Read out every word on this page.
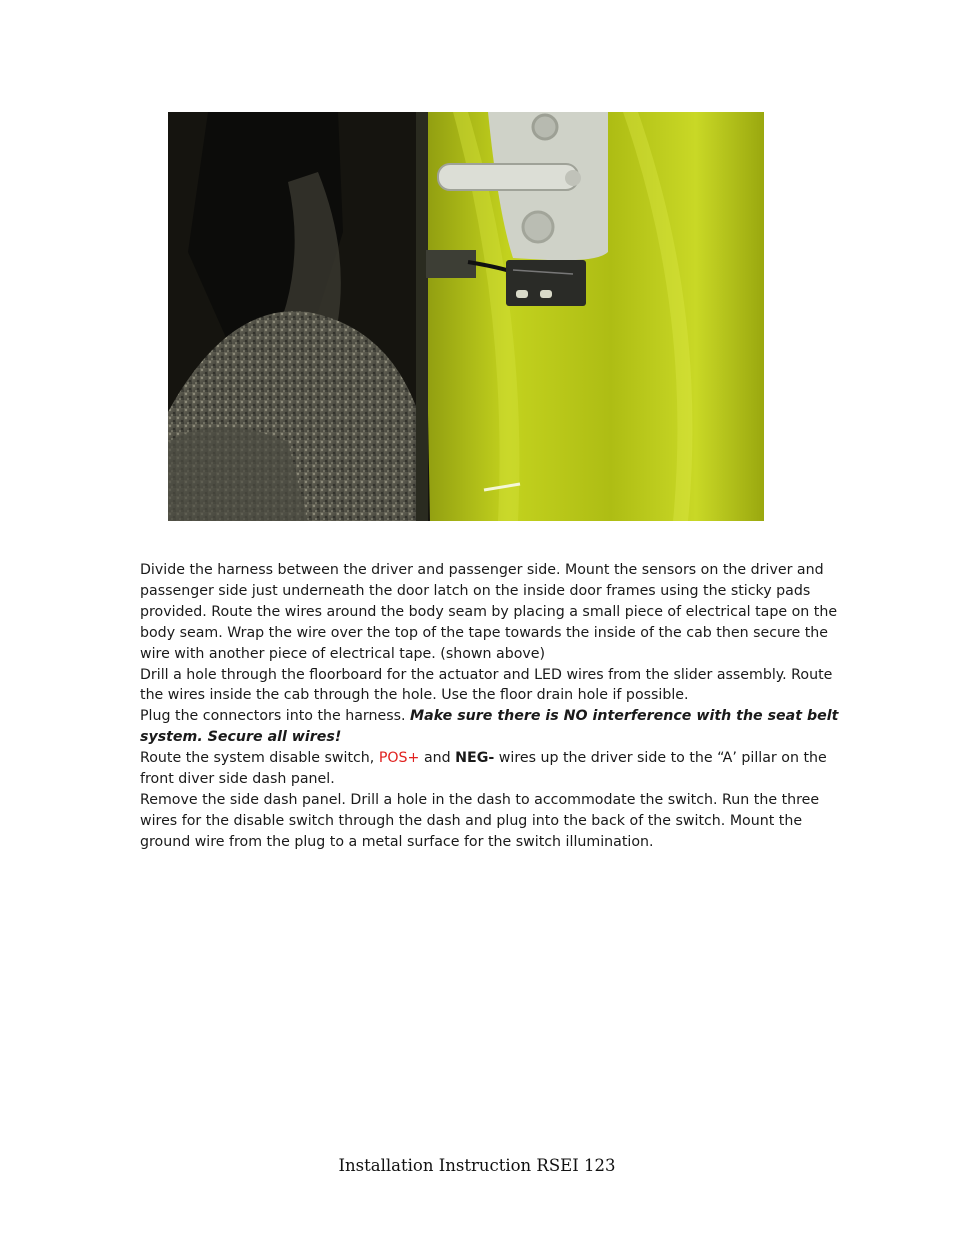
Divide the harness between the driver and passenger side. Mount the sensors on the driver and passenger side just underneath the door latch on the inside door frames using the sticky pads provided. Route the wires around the body seam by placing a small piece of electrical tape on the body seam. Wrap the wire over the top of the tape towards the inside of the cab then secure the wire with another piece of electrical tape. (shown above)

Drill a hole through the floorboard for the actuator and LED wires from the slider assembly. Route the wires inside the cab through the hole. Use the floor drain hole if possible.

Plug the connectors into the harness. Make sure there is NO interference with the seat belt system. Secure all wires!

Route the system disable switch, POS+ and NEG- wires up the driver side to the “A’ pillar on the front diver side dash panel.

Remove the side dash panel. Drill a hole in the dash to accommodate the switch. Run the three wires for the disable switch through the dash and plug into the back of the switch. Mount the ground wire from the plug to a metal surface for the switch illumination.

Installation Instruction RSEI 123
